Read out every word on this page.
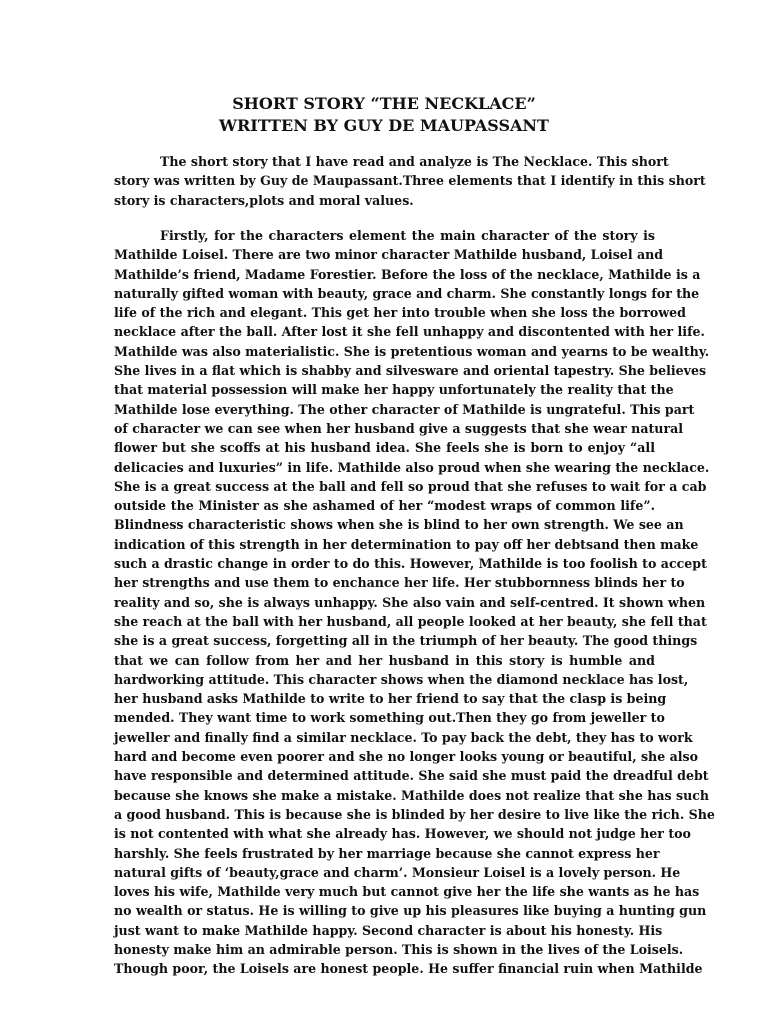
SHORT STORY “THE NECKLACE”
WRITTEN BY GUY DE MAUPASSANT
The short story that I have read and analyze is The Necklace. This short
story was written by Guy de Maupassant.Three elements that I identify in this short
story is characters,plots and moral values.
Firstly, for the characters element the main character of the story is
Mathilde Loisel. There are two minor character Mathilde husband, Loisel and
Mathilde’s friend, Madame Forestier. Before the loss of the necklace, Mathilde is a
naturally gifted woman with beauty, grace and charm. She constantly longs for the
life of the rich and elegant. This get her into trouble when she loss the borrowed
necklace after the ball. After lost it she fell unhappy and discontented with her life.
Mathilde was also materialistic. She is pretentious woman and yearns to be wealthy.
She lives in a flat which is shabby and silvesware and oriental tapestry. She believes
that material possession will make her happy unfortunately the reality that the
Mathilde lose everything. The other character of Mathilde is ungrateful. This part
of character we can see when her husband give a suggests that she wear natural
flower but she scoffs at his husband idea. She feels she is born to enjoy “all
delicacies and luxuries” in life. Mathilde also proud when she wearing the necklace.
She is a great success at the ball and fell so proud that she refuses to wait for a cab
outside the Minister as she ashamed of her “modest wraps of common life”.
Blindness characteristic shows when she is blind to her own strength. We see an
indication of this strength in her determination to pay off her debtsand then make
such a drastic change in order to do this. However, Mathilde is too foolish to accept
her strengths and use them to enchance her life. Her stubbornness blinds her to
reality and so, she is always unhappy. She also vain and self-centred. It shown when
she reach at the ball with her husband, all people looked at her beauty, she fell that
she is a great success, forgetting all in the triumph of her beauty. The good things
that we can follow from her and her husband in this story is humble and
hardworking attitude. This character shows when the diamond necklace has lost,
her husband asks Mathilde to write to her friend to say that the clasp is being
mended. They want time to work something out.Then they go from jeweller to
jeweller and finally find a similar necklace. To pay back the debt, they has to work
hard and become even poorer and she no longer looks young or beautiful, she also
have responsible and determined attitude. She said she must paid the dreadful debt
because she knows she make a mistake. Mathilde does not realize that she has such
a good husband. This is because she is blinded by her desire to live like the rich. She
is not contented with what she already has. However, we should not judge her too
harshly. She feels frustrated by her marriage because she cannot express her
natural gifts of ‘beauty,grace and charm’. Monsieur Loisel is a lovely person. He
loves his wife, Mathilde very much but cannot give her the life she wants as he has
no wealth or status. He is willing to give up his pleasures like buying a hunting gun
just want to make Mathilde happy. Second character is about his honesty. His
honesty make him an admirable person. This is shown in the lives of the Loisels.
Though poor, the Loisels are honest people. He suffer financial ruin when Mathilde
